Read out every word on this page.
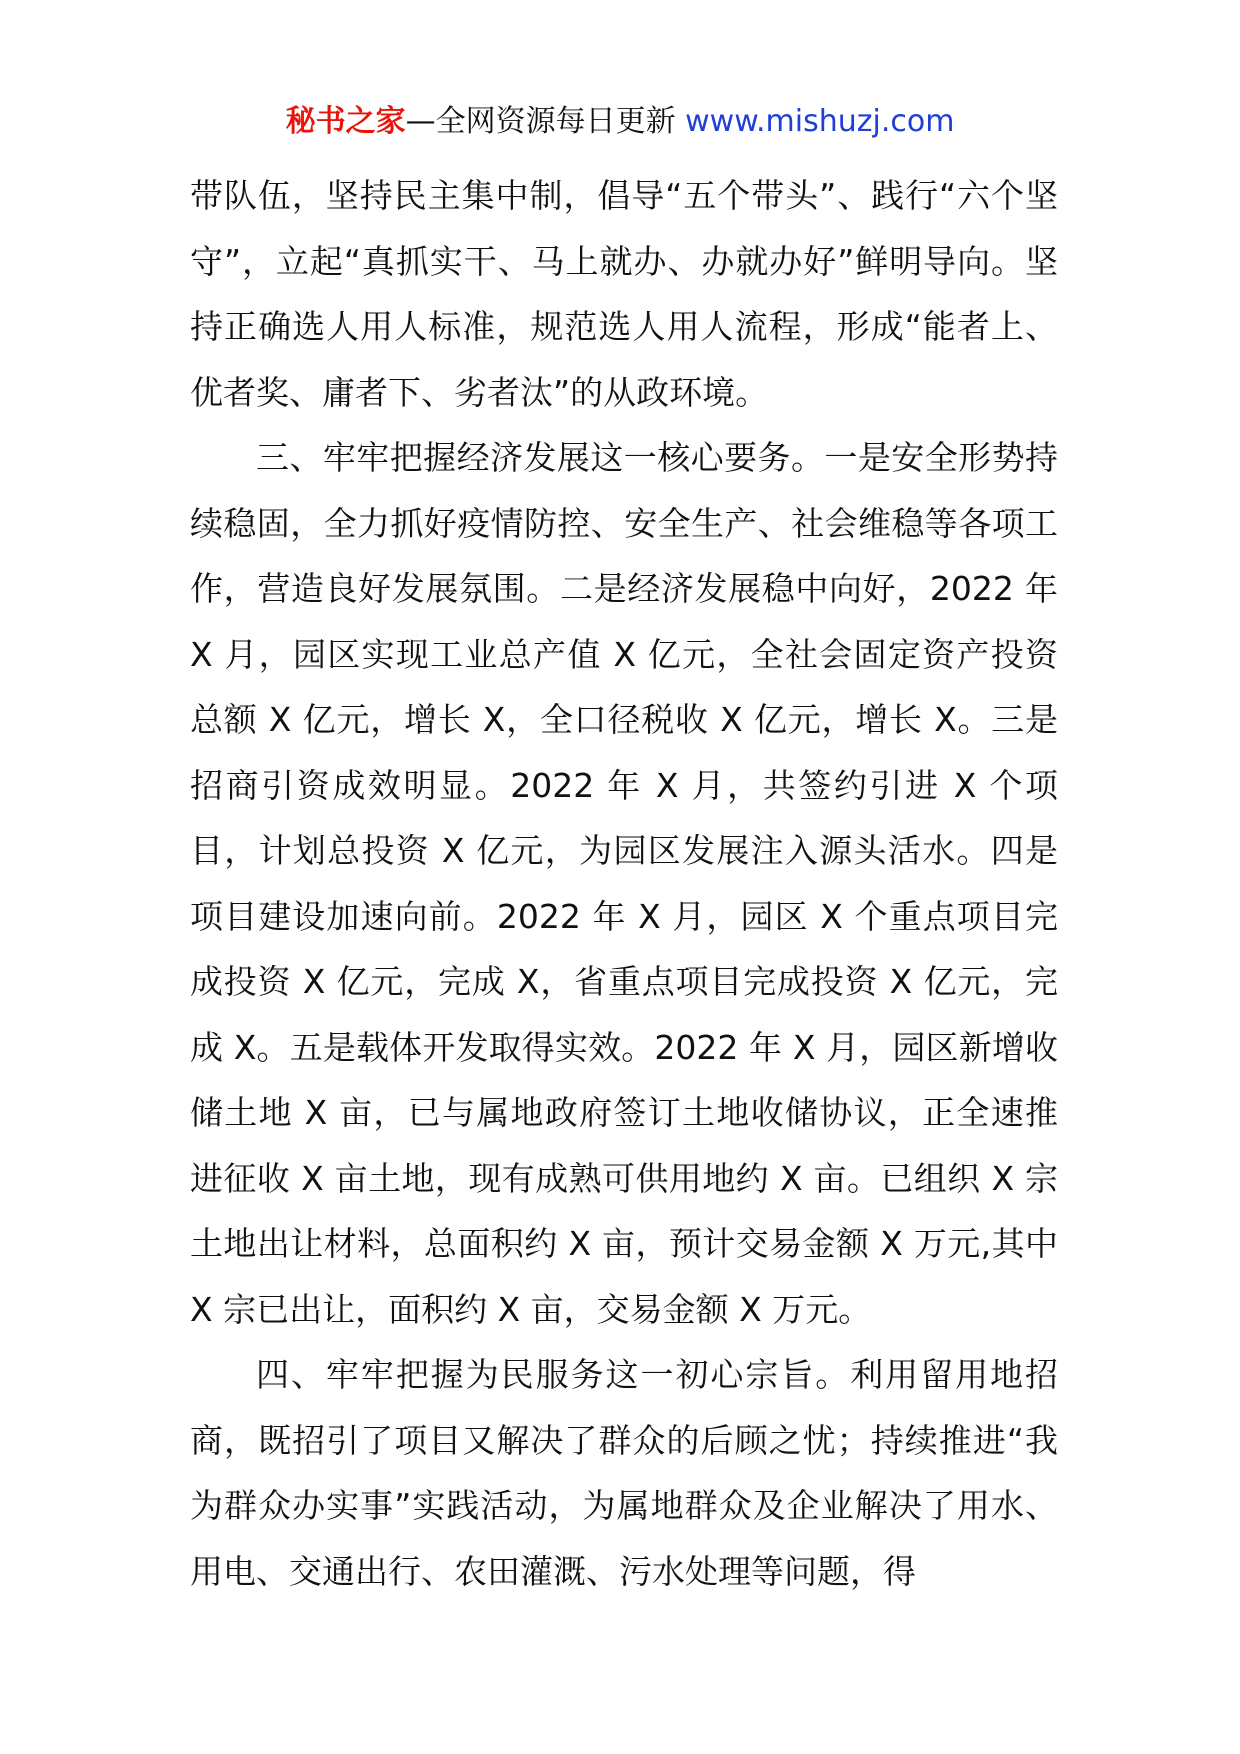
秘书之家—全网资源每日更新 www.mishuzj.com

带队伍，坚持民主集中制，倡导“五个带头”、践行“六个坚守”，立起“真抓实干、马上就办、办就办好”鲜明导向。坚持正确选人用人标准，规范选人用人流程，形成“能者上、优者奖、庸者下、劣者汰”的从政环境。

三、牢牢把握经济发展这一核心要务。一是安全形势持续稳固，全力抓好疫情防控、安全生产、社会维稳等各项工作，营造良好发展氛围。二是经济发展稳中向好，2022 年 X 月，园区实现工业总产值 X 亿元，全社会固定资产投资总额 X 亿元，增长 X，全口径税收 X 亿元，增长 X。三是招商引资成效明显。2022 年 X 月，共签约引进 X 个项目，计划总投资 X 亿元，为园区发展注入源头活水。四是项目建设加速向前。2022 年 X 月，园区 X 个重点项目完成投资 X 亿元，完成 X，省重点项目完成投资 X 亿元，完成 X。五是载体开发取得实效。2022 年 X 月，园区新增收储土地 X 亩，已与属地政府签订土地收储协议，正全速推进征收 X 亩土地，现有成熟可供用地约 X 亩。已组织 X 宗土地出让材料，总面积约 X 亩，预计交易金额 X 万元,其中 X 宗已出让，面积约 X 亩，交易金额 X 万元。

四、牢牢把握为民服务这一初心宗旨。利用留用地招商，既招引了项目又解决了群众的后顾之忧；持续推进“我为群众办实事”实践活动，为属地群众及企业解决了用水、用电、交通出行、农田灌溉、污水处理等问题，得
